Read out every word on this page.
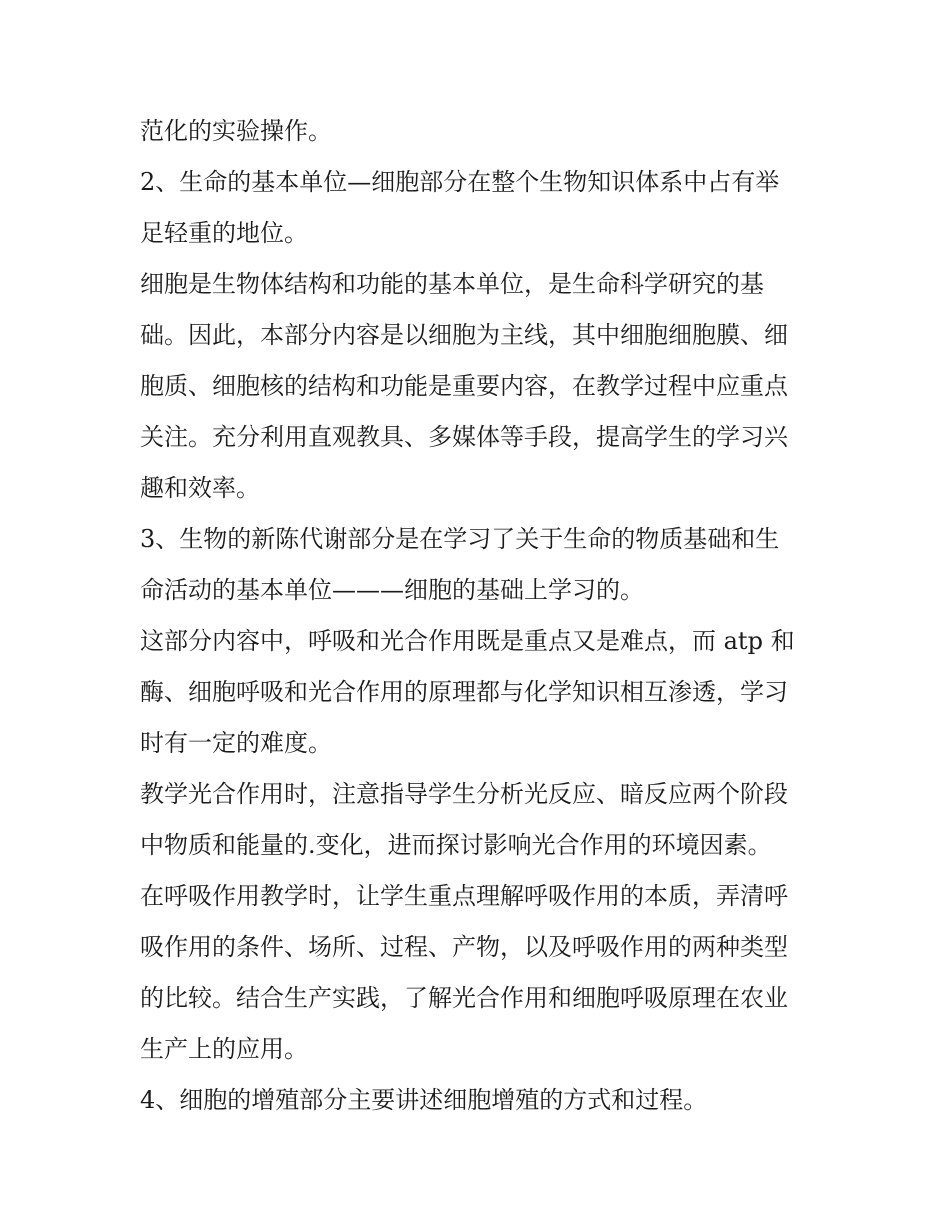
范化的实验操作。
2、生命的基本单位—细胞部分在整个生物知识体系中占有举
足轻重的地位。
细胞是生物体结构和功能的基本单位，是生命科学研究的基
础。因此，本部分内容是以细胞为主线，其中细胞细胞膜、细
胞质、细胞核的结构和功能是重要内容，在教学过程中应重点
关注。充分利用直观教具、多媒体等手段，提高学生的学习兴
趣和效率。
3、生物的新陈代谢部分是在学习了关于生命的物质基础和生
命活动的基本单位———细胞的基础上学习的。
这部分内容中，呼吸和光合作用既是重点又是难点，而 atp 和
酶、细胞呼吸和光合作用的原理都与化学知识相互渗透，学习
时有一定的难度。
教学光合作用时，注意指导学生分析光反应、暗反应两个阶段
中物质和能量的.变化，进而探讨影响光合作用的环境因素。
在呼吸作用教学时，让学生重点理解呼吸作用的本质，弄清呼
吸作用的条件、场所、过程、产物，以及呼吸作用的两种类型
的比较。结合生产实践，了解光合作用和细胞呼吸原理在农业
生产上的应用。
4、细胞的增殖部分主要讲述细胞增殖的方式和过程。
